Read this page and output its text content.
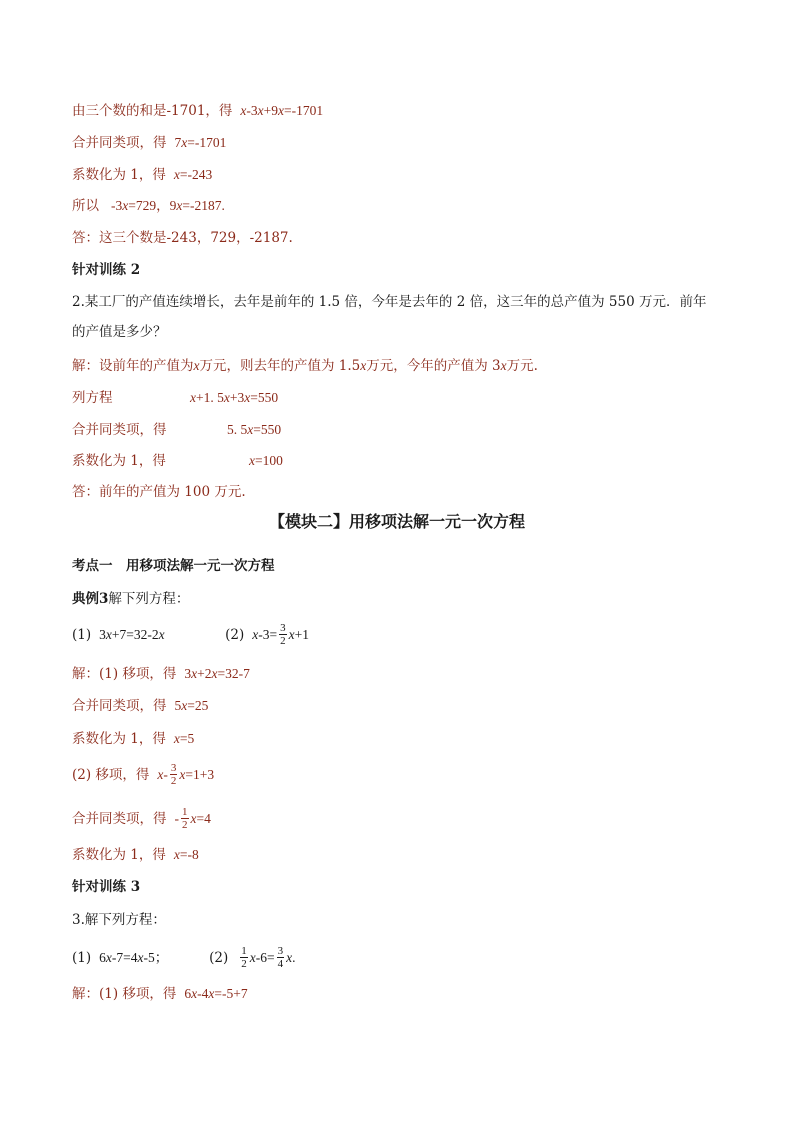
由三个数的和是-1701，得 x-3x+9x=-1701
合并同类项，得 7x=-1701
系数化为 1，得 x=-243
所以 -3x=729，9x=-2187.
答：这三个数是-243，729，-2187.
针对训练 2
2.某工厂的产值连续增长，去年是前年的 1.5 倍，今年是去年的 2 倍，这三年的总产值为 550 万元．前年
的产值是多少？
解：设前年的产值为 x 万元，则去年的产值为 1.5 x 万元，今年的产值为 3 x 万元.
列方程	x+1. 5x+3x=550
合并同类项，得	5. 5x=550
系数化为 1，得	x=100
答：前年的产值为 100 万元.
【模块二】用移项法解一元一次方程
考点一　用移项法解一元一次方程
典例3 解下列方程：
(1) 3x+7=32-2x	(2) x $-3= \frac{3}{2}$ x +1
解：(1) 移项，得 3x+2x=32-7
合并同类项，得 5x=25
系数化为 1，得 x=5
(2) 移项，得 x - $\frac{3}{2}$ x =1+3
合并同类项，得 - $\frac{1}{2}$ x =4
系数化为 1，得 x=-8
针对训练 3
3.解下列方程：
(1) 6x-7=4x-5；	$(2) \frac{1}{2}$ x $-6= \frac{3}{4}$ x .
解：(1) 移项，得 6x-4x=-5+7
